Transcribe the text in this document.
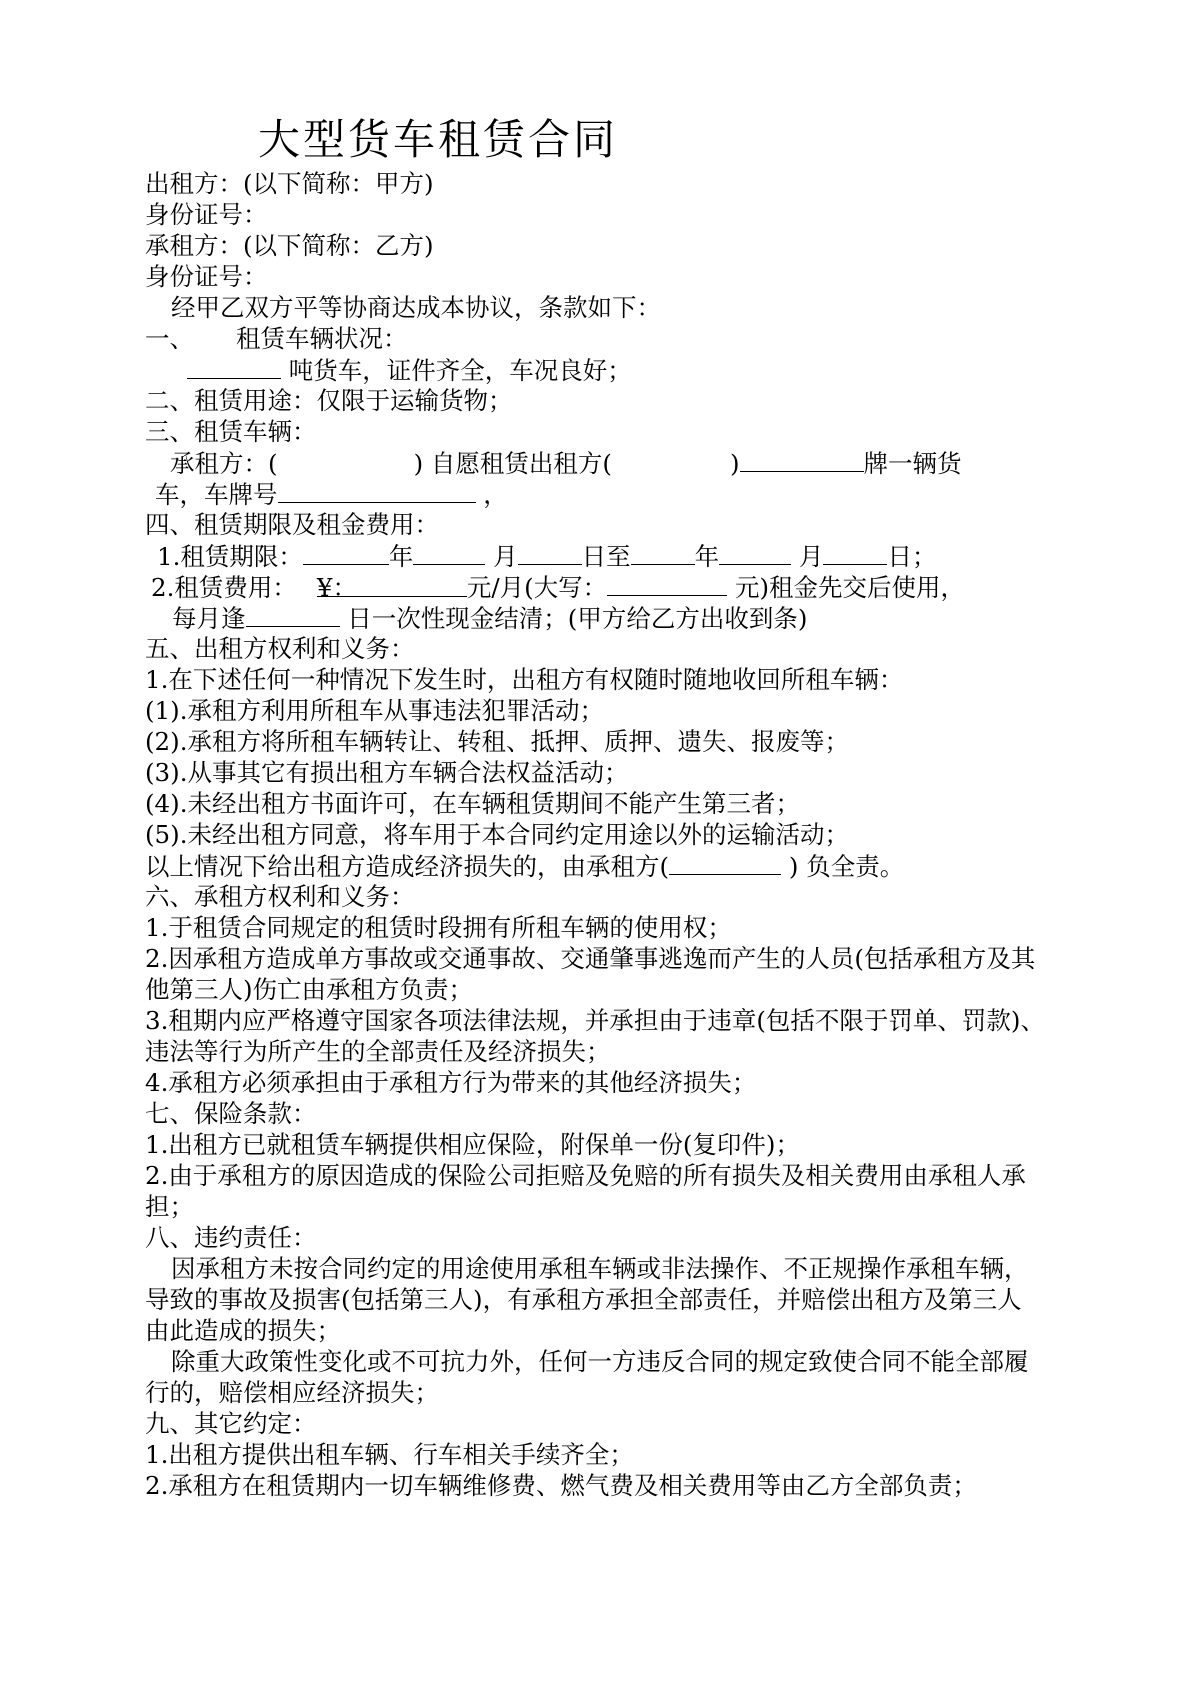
大型货车租赁合同
出租方：(以下简称：甲方)
身份证号：
承租方：(以下简称：乙方)
身份证号：
经甲乙双方平等协商达成本协议，条款如下：
一、 租赁车辆状况：
吨货车，证件齐全，车况良好；
二、租赁用途：仅限于运输货物；
三、租赁车辆：
承租方：(	) 自愿租赁出租方(	)	牌一辆货
车，车牌号	，
四、租赁期限及租金费用：
1.租赁期限：	年	月	日至	年	月	日；
2.租赁费用： ¥：	元/月(大写：	元)租金先交后使用，
每月逢	日一次性现金结清；(甲方给乙方出收到条)
五、出租方权利和义务：
1.在下述任何一种情况下发生时，出租方有权随时随地收回所租车辆：
(1).承租方利用所租车从事违法犯罪活动；
(2).承租方将所租车辆转让、转租、抵押、质押、遗失、报废等；
(3).从事其它有损出租方车辆合法权益活动；
(4).未经出租方书面许可，在车辆租赁期间不能产生第三者；
(5).未经出租方同意，将车用于本合同约定用途以外的运输活动；
以上情况下给出租方造成经济损失的，由承租方(	) 负全责。
六、承租方权利和义务：
1.于租赁合同规定的租赁时段拥有所租车辆的使用权；
2.因承租方造成单方事故或交通事故、交通肇事逃逸而产生的人员(包括承租方及其他第三人)伤亡由承租方负责；
3.租期内应严格遵守国家各项法律法规，并承担由于违章(包括不限于罚单、罚款)、违法等行为所产生的全部责任及经济损失；
4.承租方必须承担由于承租方行为带来的其他经济损失；
七、保险条款：
1.出租方已就租赁车辆提供相应保险，附保单一份(复印件)；
2.由于承租方的原因造成的保险公司拒赔及免赔的所有损失及相关费用由承租人承担；
八、违约责任：
因承租方未按合同约定的用途使用承租车辆或非法操作、不正规操作承租车辆，导致的事故及损害(包括第三人)，有承租方承担全部责任，并赔偿出租方及第三人由此造成的损失；
除重大政策性变化或不可抗力外，任何一方违反合同的规定致使合同不能全部履行的，赔偿相应经济损失；
九、其它约定：
1.出租方提供出租车辆、行车相关手续齐全；
2.承租方在租赁期内一切车辆维修费、燃气费及相关费用等由乙方全部负责；
